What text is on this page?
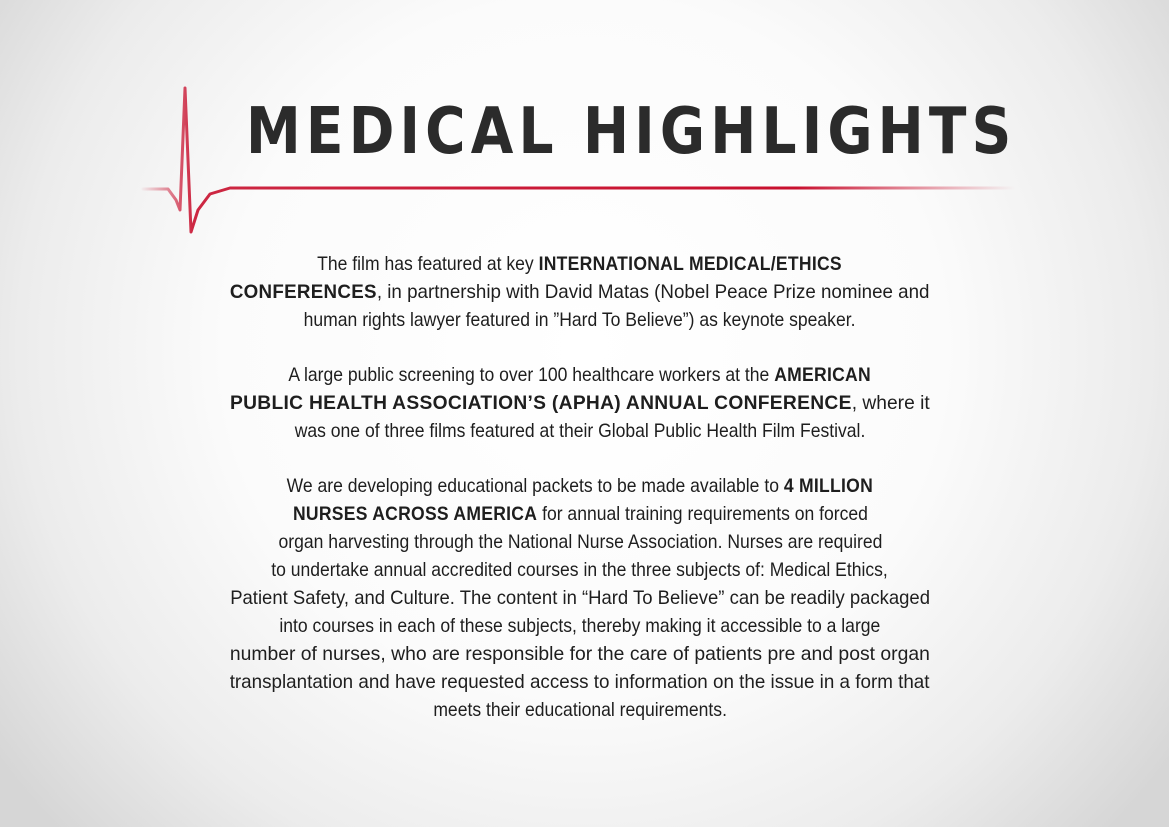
MEDICAL HIGHLIGHTS

The film has featured at key INTERNATIONAL MEDICAL/ETHICS
CONFERENCES, in partnership with David Matas (Nobel Peace Prize nominee and
human rights lawyer featured in ”Hard To Believe”) as keynote speaker.

A large public screening to over 100 healthcare workers at the AMERICAN
PUBLIC HEALTH ASSOCIATION’S (APHA) ANNUAL CONFERENCE, where it
was one of three films featured at their Global Public Health Film Festival.

We are developing educational packets to be made available to 4 MILLION
NURSES ACROSS AMERICA for annual training requirements on forced
organ harvesting through the National Nurse Association. Nurses are required
to undertake annual accredited courses in the three subjects of: Medical Ethics,
Patient Safety, and Culture. The content in “Hard To Believe” can be readily packaged
into courses in each of these subjects, thereby making it accessible to a large
number of nurses, who are responsible for the care of patients pre and post organ
transplantation and have requested access to information on the issue in a form that
meets their educational requirements.
